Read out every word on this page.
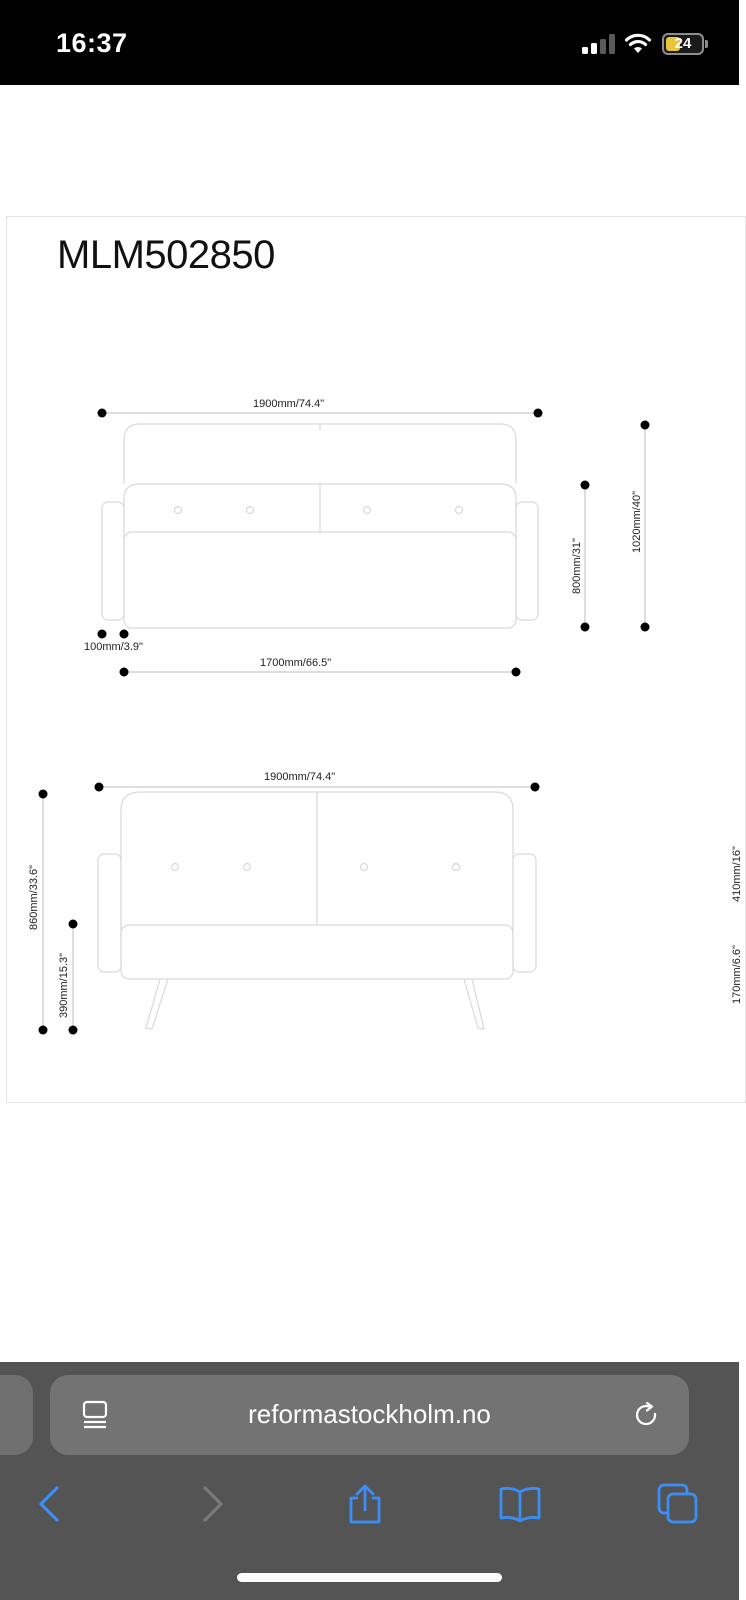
16:37	24
MLM502850
1900mm/74.4"
100mm/3.9"
1700mm/66.5"
800mm/31"
1020mm/40"
1900mm/74.4"
860mm/33.6"
390mm/15.3"	170mm/6.6"
410mm/16"
reformastockholm.no
